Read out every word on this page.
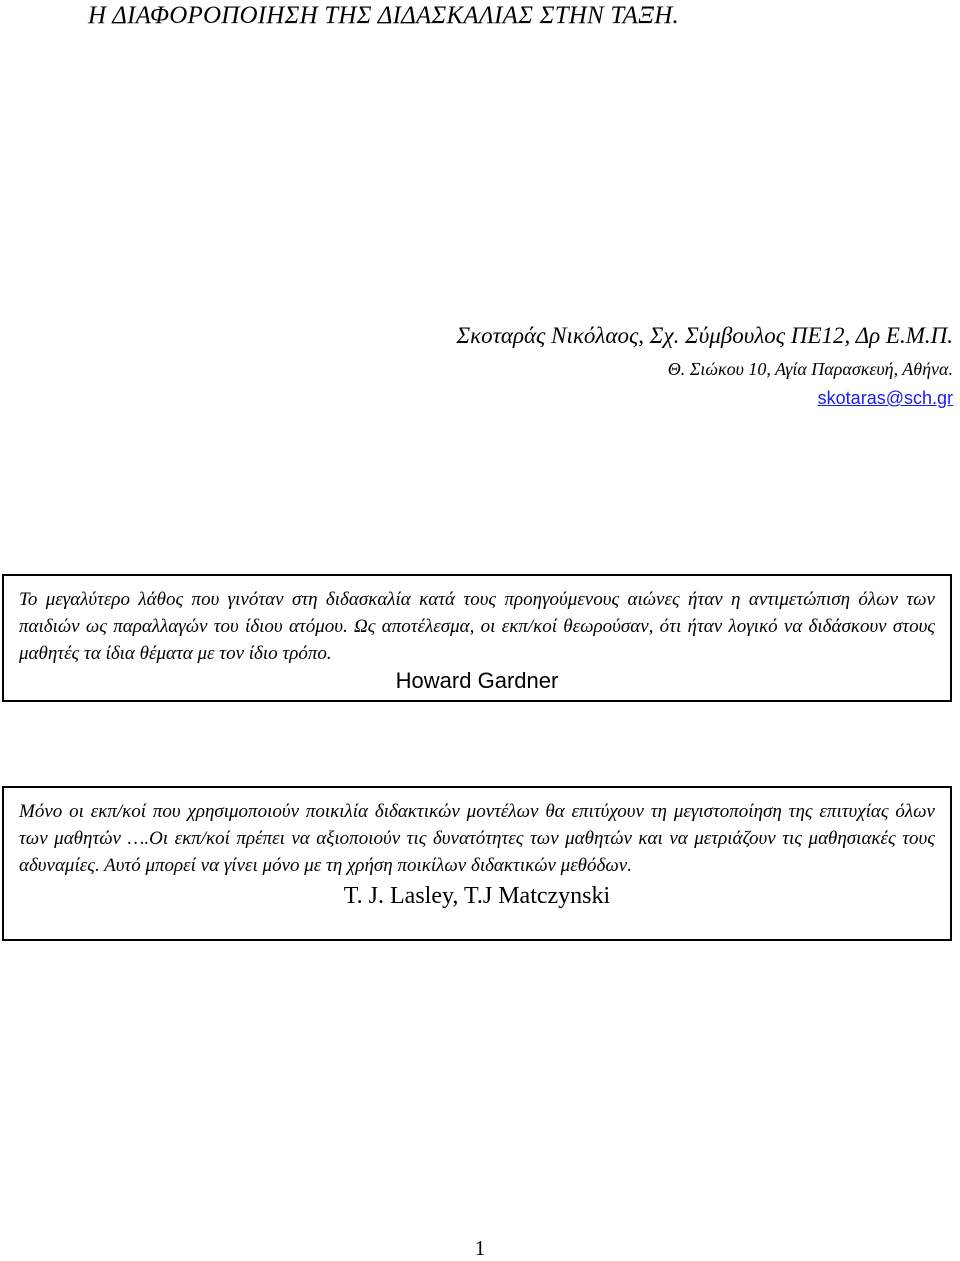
Η ΔΙΑΦΟΡΟΠΟΙΗΣΗ ΤΗΣ ΔΙΔΑΣΚΑΛΙΑΣ ΣΤΗΝ ΤΑΞΗ.
Σκοταράς Νικόλαος, Σχ. Σύμβουλος ΠΕ12, Δρ Ε.Μ.Π.
Θ. Σιώκου 10, Αγία Παρασκευή, Αθήνα.
skotaras@sch.gr

Το μεγαλύτερο λάθος που γινόταν στη διδασκαλία κατά τους προηγούμενους αιώνες ήταν η αντιμετώπιση όλων των παιδιών ως παραλλαγών του ίδιου ατόμου. Ως αποτέλεσμα, οι εκπ/κοί θεωρούσαν, ότι ήταν λογικό να διδάσκουν στους μαθητές τα ίδια θέματα με τον ίδιο τρόπο.

Howard Gardner

Μόνο οι εκπ/κοί που χρησιμοποιούν ποικιλία διδακτικών μοντέλων θα επιτύχουν τη μεγιστοποίηση της επιτυχίας όλων των μαθητών ….Οι εκπ/κοί πρέπει να αξιοποιούν τις δυνατότητες των μαθητών και να μετριάζουν τις μαθησιακές τους αδυναμίες. Αυτό μπορεί να γίνει μόνο με τη χρήση ποικίλων διδακτικών μεθόδων.

T. J. Lasley, T.J Matczynski

1
